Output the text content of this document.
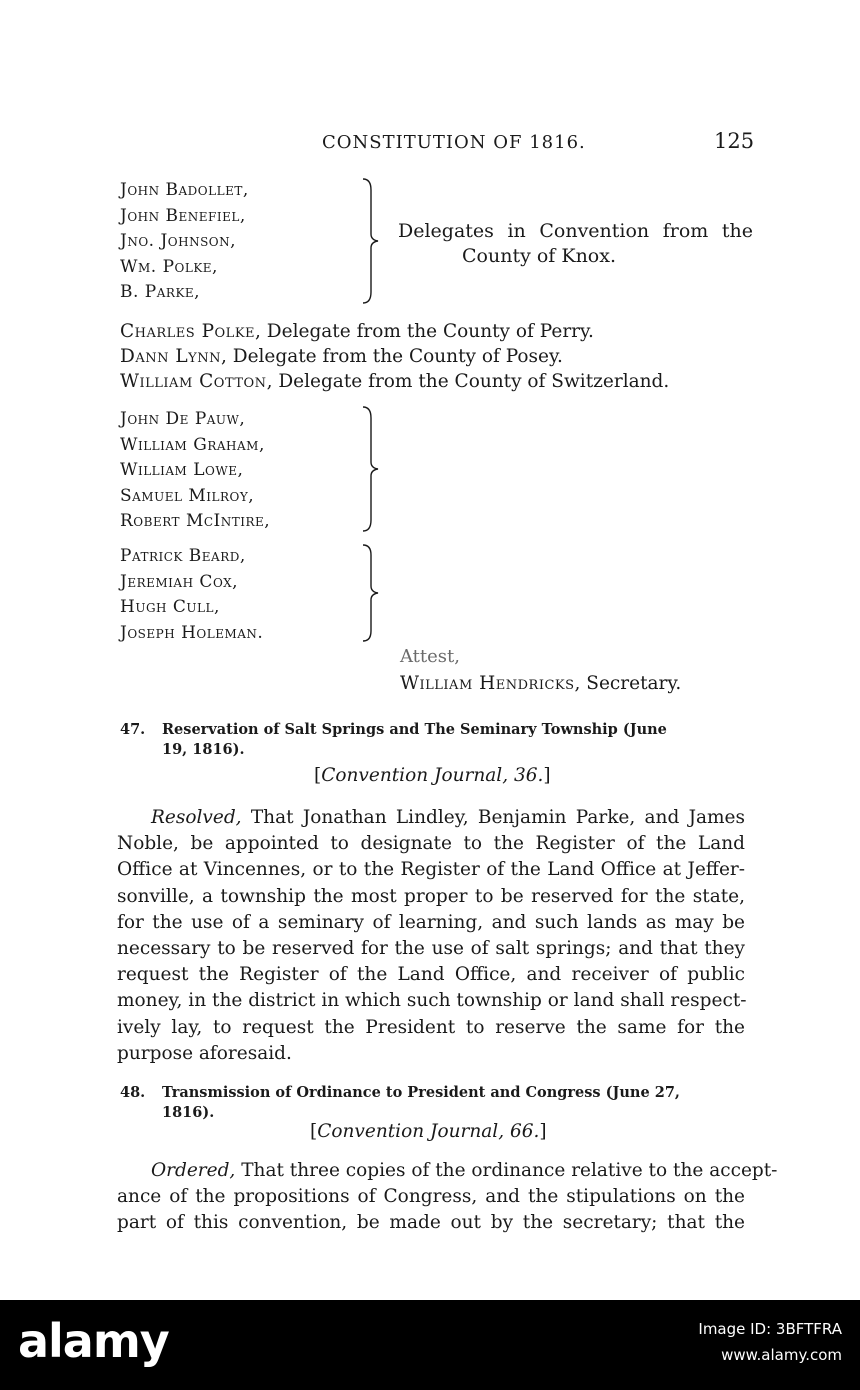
CONSTITUTION OF 1816.	125
John Badollet,
John Benefiel,
Jno. Johnson,
Wm. Polke,
B. Parke,
Delegates in Convention from the
County of Knox.
Charles Polke, Delegate from the County of Perry.
Dann Lynn, Delegate from the County of Posey.
William Cotton, Delegate from the County of Switzerland.
John De Pauw,
William Graham,
William Lowe,
Samuel Milroy,
Robert McIntire,
Patrick Beard,
Jeremiah Cox,
Hugh Cull,
Joseph Holeman.
Attest,
William Hendricks, Secretary.
47. Reservation of Salt Springs and The Seminary Township (June
19, 1816).
[Convention Journal, 36.]
Resolved, That Jonathan Lindley, Benjamin Parke, and James
Noble, be appointed to designate to the Register of the Land
Office at Vincennes, or to the Register of the Land Office at Jeffer-
sonville, a township the most proper to be reserved for the state,
for the use of a seminary of learning, and such lands as may be
necessary to be reserved for the use of salt springs; and that they
request the Register of the Land Office, and receiver of public
money, in the district in which such township or land shall respect-
ively lay, to request the President to reserve the same for the
purpose aforesaid.
48. Transmission of Ordinance to President and Congress (June 27,
1816).
[Convention Journal, 66.]
Ordered, That three copies of the ordinance relative to the accept-
ance of the propositions of Congress, and the stipulations on the
part of this convention, be made out by the secretary; that the
alamy	Image ID: 3BFTFRA
www.alamy.com
